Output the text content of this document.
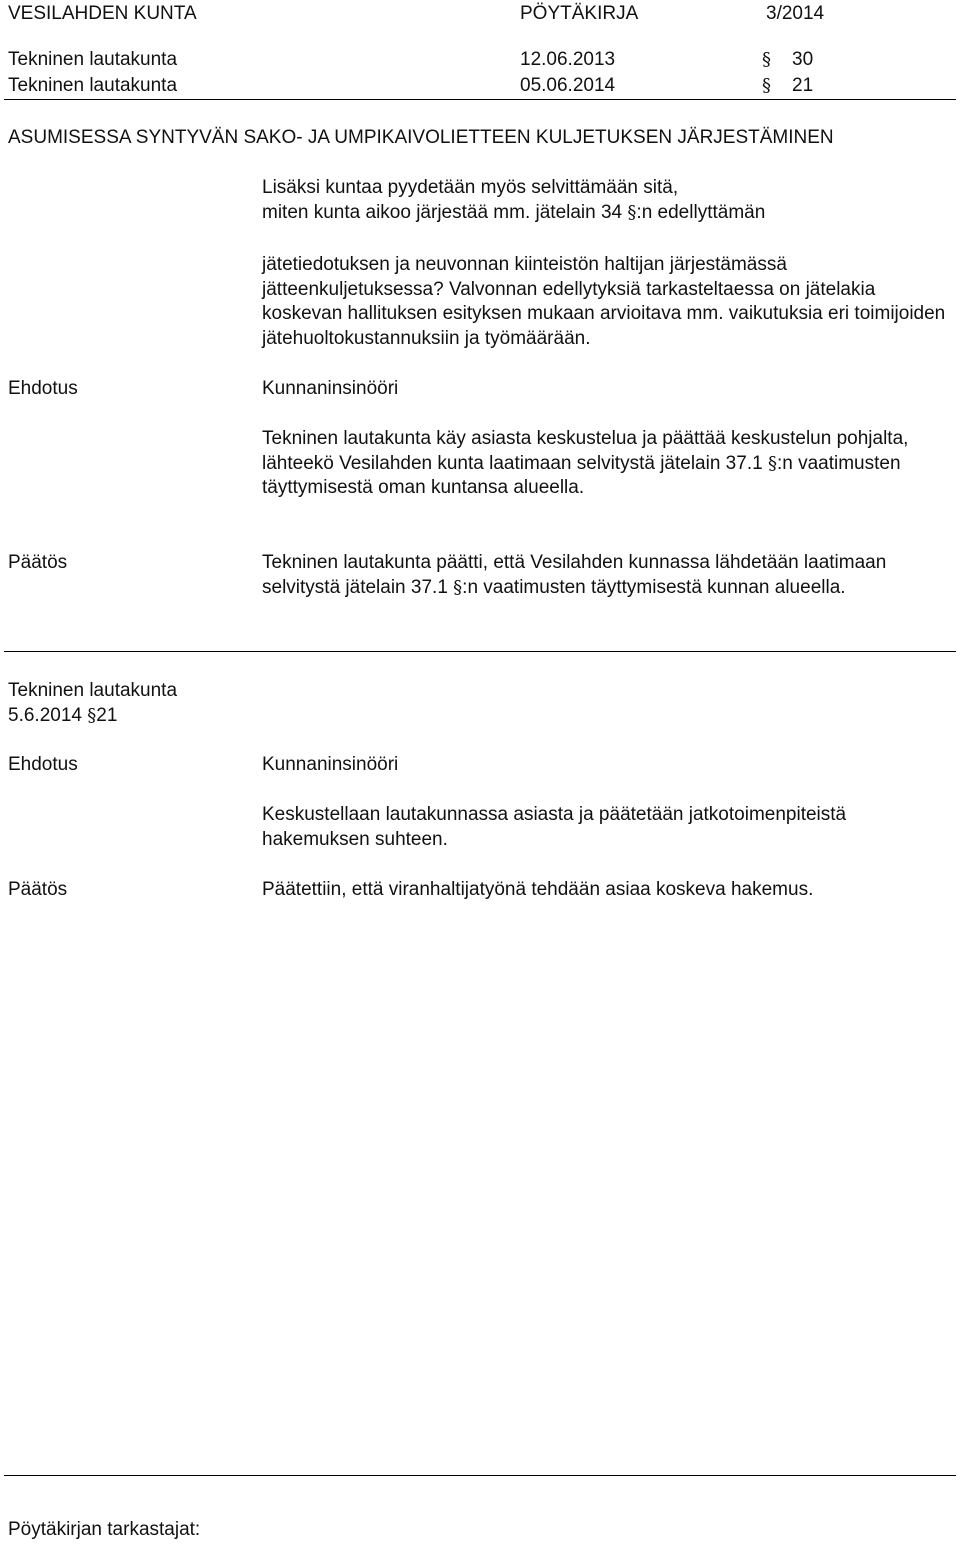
VESILAHDEN KUNTA	PÖYTÄKIRJA	3/2014
Tekninen lautakunta	12.06.2013	§ 30
Tekninen lautakunta	05.06.2014	§ 21
ASUMISESSA SYNTYVÄN SAKO- JA UMPIKAIVOLIETTEEN KULJETUKSEN JÄRJESTÄMINEN
Lisäksi kuntaa pyydetään myös selvittämään sitä,
miten kunta aikoo järjestää mm. jätelain 34 §:n edellyttämän
jätetiedotuksen ja neuvonnan kiinteistön haltijan järjestämässä jätteenkuljetuksessa? Valvonnan edellytyksiä tarkasteltaessa on jätelakia koskevan hallituksen esityksen mukaan arvioitava mm. vaikutuksia eri toimijoiden jätehuoltokustannuksiin ja työmäärään.
Ehdotus	Kunnaninsinööri
Tekninen lautakunta käy asiasta keskustelua ja päättää keskustelun pohjalta, lähteekö Vesilahden kunta laatimaan selvitystä jätelain 37.1 §:n vaatimusten täyttymisestä oman kuntansa alueella.
Päätös	Tekninen lautakunta päätti, että Vesilahden kunnassa lähdetään laatimaan selvitystä jätelain 37.1 §:n vaatimusten täyttymisestä kunnan alueella.
Tekninen lautakunta
5.6.2014 §21
Ehdotus	Kunnaninsinööri
Keskustellaan lautakunnassa asiasta ja päätetään jatkotoimenpiteistä hakemuksen suhteen.
Päätös	Päätettiin, että viranhaltijatyönä tehdään asiaa koskeva hakemus.
Pöytäkirjan tarkastajat:
